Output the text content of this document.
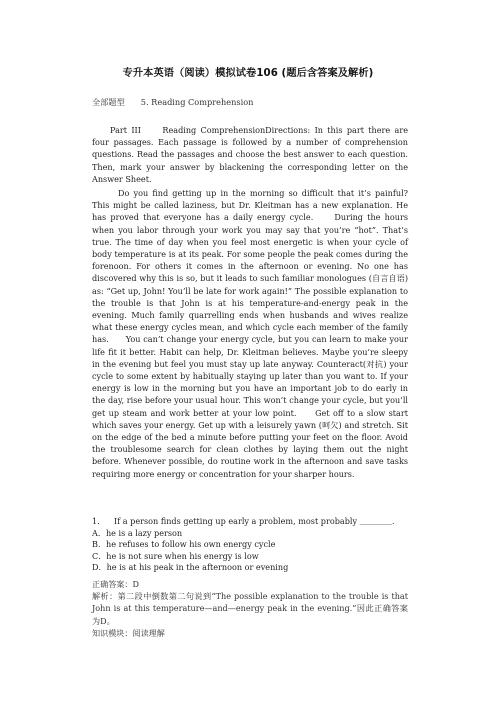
专升本英语（阅读）模拟试卷106 (题后含答案及解析)
全部题型 5. Reading Comprehension
Part III　　Reading ComprehensionDirections: In this part there are four passages. Each passage is followed by a number of comprehension questions. Read the passages and choose the best answer to each question. Then, mark your answer by blackening the corresponding letter on the Answer Sheet.
Do you find getting up in the morning so difficult that it’s painful? This might be called laziness, but Dr. Kleitman has a new explanation. He has proved that everyone has a daily energy cycle.　　During the hours when you labor through your work you may say that you’re “hot”. That’s true. The time of day when you feel most energetic is when your cycle of body temperature is at its peak. For some people the peak comes during the forenoon. For others it comes in the afternoon or evening. No one has discovered why this is so, but it leads to such familiar monologues (自言自语) as: “Get up, John! You’ll be late for work again!” The possible explanation to the trouble is that John is at his temperature-and-energy peak in the evening. Much family quarrelling ends when husbands and wives realize what these energy cycles mean, and which cycle each member of the family has.　　You can’t change your energy cycle, but you can learn to make your life fit it better. Habit can help, Dr. Kleitman believes. Maybe you’re sleepy in the evening but feel you must stay up late anyway. Counteract(对抗) your cycle to some extent by habitually staying up later than you want to. If your energy is low in the morning but you have an important job to do early in the day, rise before your usual hour. This won’t change your cycle, but you’ll get up steam and work better at your low point.　　Get off to a slow start which saves your energy. Get up with a leisurely yawn (呵欠) and stretch. Sit on the edge of the bed a minute before putting your feet on the floor. Avoid the troublesome search for clean clothes by laying them out the night before. Whenever possible, do routine work in the afternoon and save tasks requiring more energy or concentration for your sharper hours.
1． If a person finds getting up early a problem, most probably ＿＿＿＿.
A．he is a lazy person
B．he refuses to follow his own energy cycle
C．he is not sure when his energy is low
D．he is at his peak in the afternoon or evening
正确答案：D
解析：第二段中倒数第二句说到“The possible explanation to the trouble is that John is at this temperature—and—energy peak in the evening.”因此正确答案为D。
知识模块：阅读理解
